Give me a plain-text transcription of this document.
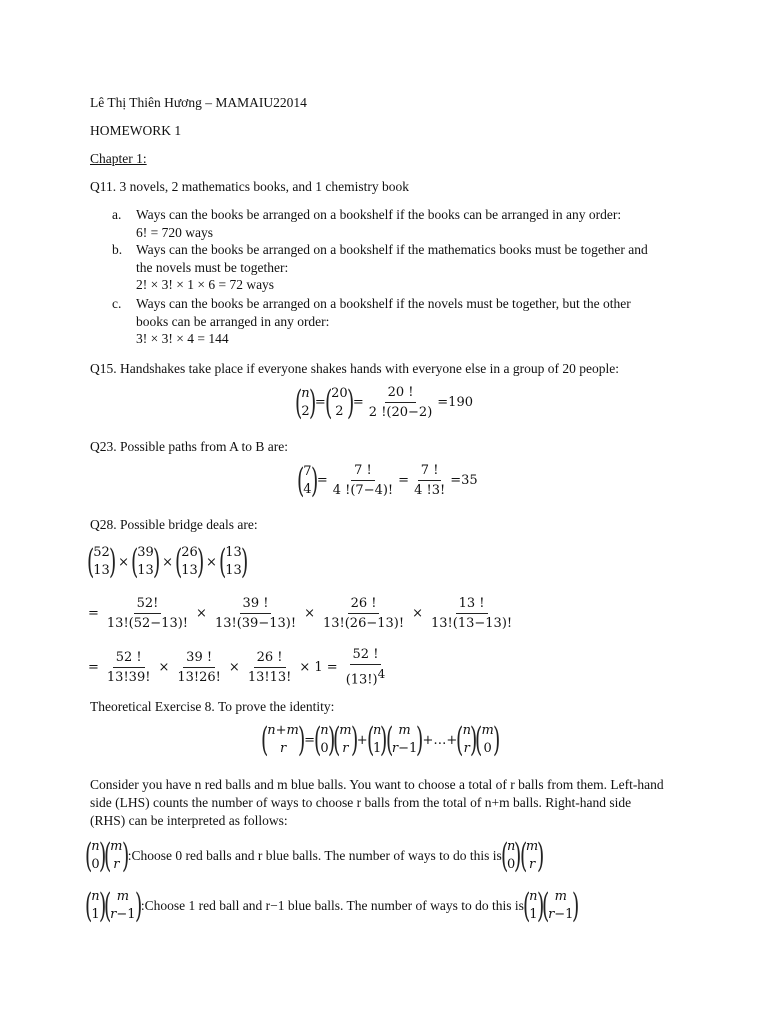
Lê Thị Thiên Hương – MAMAIU22014
HOMEWORK 1
Chapter 1:
Q11. 3 novels, 2 mathematics books, and 1 chemistry book
a. Ways can the books be arranged on a bookshelf if the books can be arranged in any order:
6! = 720 ways
b. Ways can the books be arranged on a bookshelf if the mathematics books must be together and
the novels must be together:
2! × 3! × 1 × 6 = 72 ways
c. Ways can the books be arranged on a bookshelf if the novels must be together, but the other
books can be arranged in any order:
3! × 3! × 4 = 144
Q15. Handshakes take place if everyone shakes hands with everyone else in a group of 20 people:
(
n
2 )
=
(
20
2 )
= $\frac{20 !}{2 !(20-2)} =190$
Q23. Possible paths from A to B are:
(
7
4
)
= $\frac{7 !}{4 !(7-4)!} = \frac{7 !}{4 !3!} =35$
Q28. Possible bridge deals are:
(
52
13
) × (
39
13
) × (
26
13
) × (
13
13
)
= $\frac{52!}{13!(52-13)!} \times \frac{39 !}{13!(39-13)!} \times \frac{26 !}{13!(26-13)!} \times \frac{13 !}{13!(13-13)!}$
= $\frac{52 !}{13!39!} \times \frac{39 !}{13!26!} \times \frac{26 !}{13!13!} \times 1 = \frac{52 !}{(13!)^4}$
Theoretical Exercise 8. To prove the identity:
(
n+m
r )
=
(
n
0 )
(
m
r )
+
(
n
1 )
( m
r−1
)
+…+
(
n
r )
(
m
0 )
Consider you have n red balls and m blue balls. You want to choose a total of r balls from them. Left-hand
side (LHS) counts the number of ways to choose r balls from the total of n+m balls. Right-hand side
(RHS) can be interpreted as follows:
(
n
0 )
(
m
r )
:Choose 0 red balls and r blue balls. The number of ways to do this is
(
n
0 )
(
m
r )
(
n
1 )
( m
r−1
)
:Choose 1 red ball and r−1 blue balls. The number of ways to do this is
(
n
1 )
( m
r−1
)
